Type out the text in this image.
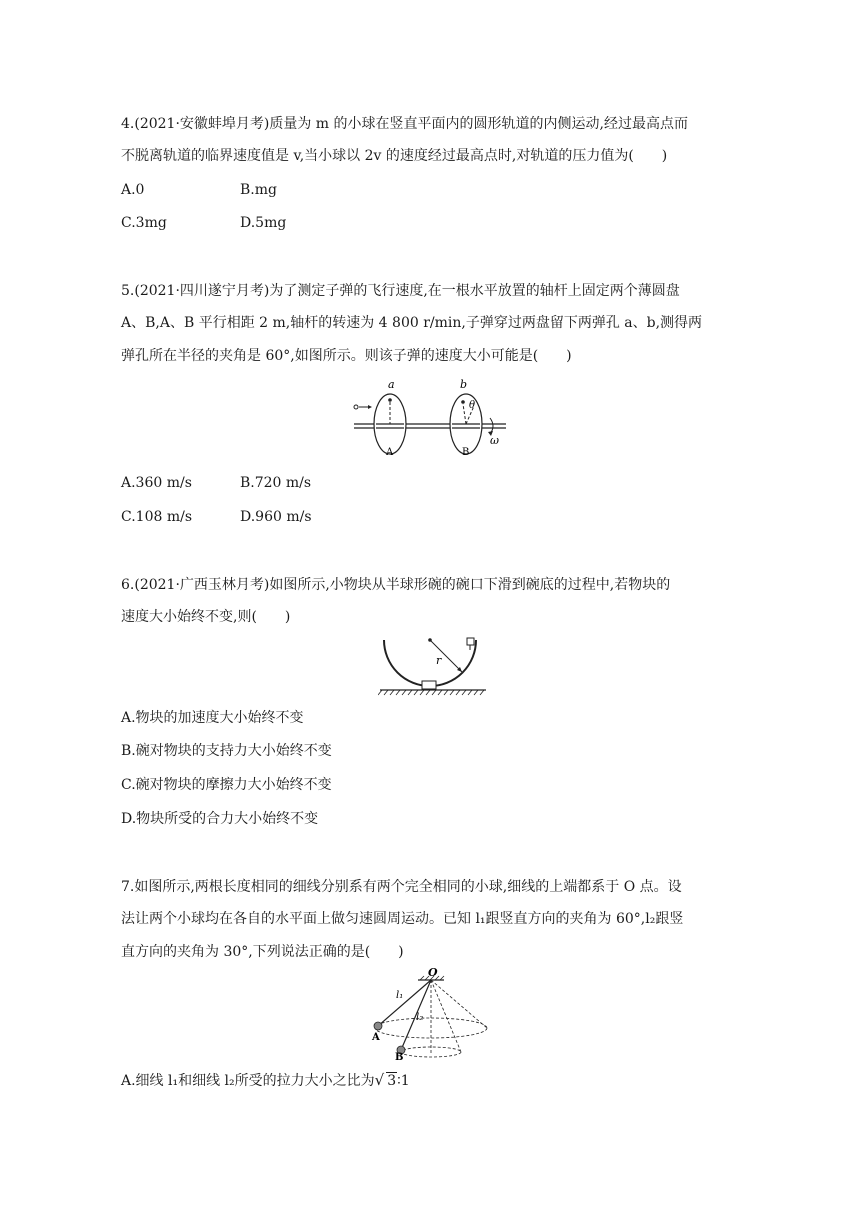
4.(2021·安徽蚌埠月考)质量为 m 的小球在竖直平面内的圆形轨道的内侧运动,经过最高点而
不脱离轨道的临界速度值是 v,当小球以 2v 的速度经过最高点时,对轨道的压力值为(　　)
A.0	B.mg
C.3mg	D.5mg
5.(2021·四川遂宁月考)为了测定子弹的飞行速度,在一根水平放置的轴杆上固定两个薄圆盘
A、B,A、B 平行相距 2 m,轴杆的转速为 4 800 r/min,子弹穿过两盘留下两弹孔 a、b,测得两
弹孔所在半径的夹角是 60°,如图所示。则该子弹的速度大小可能是(　　)
a	b
θ
A	B
ω
A.360 m/s	B.720 m/s
C.108 m/s	D.960 m/s
6.(2021·广西玉林月考)如图所示,小物块从半球形碗的碗口下滑到碗底的过程中,若物块的
速度大小始终不变,则(　　)
r
A.物块的加速度大小始终不变
B.碗对物块的支持力大小始终不变
C.碗对物块的摩擦力大小始终不变
D.物块所受的合力大小始终不变
7.如图所示,两根长度相同的细线分别系有两个完全相同的小球,细线的上端都系于 O 点。设
法让两个小球均在各自的水平面上做匀速圆周运动。已知 l₁跟竖直方向的夹角为 60°,l₂跟竖
直方向的夹角为 30°,下列说法正确的是(　　)
O
l₁
l₂
A
B
A.细线 l₁和细线 l₂所受的拉力大小之比为√ 3∶1
